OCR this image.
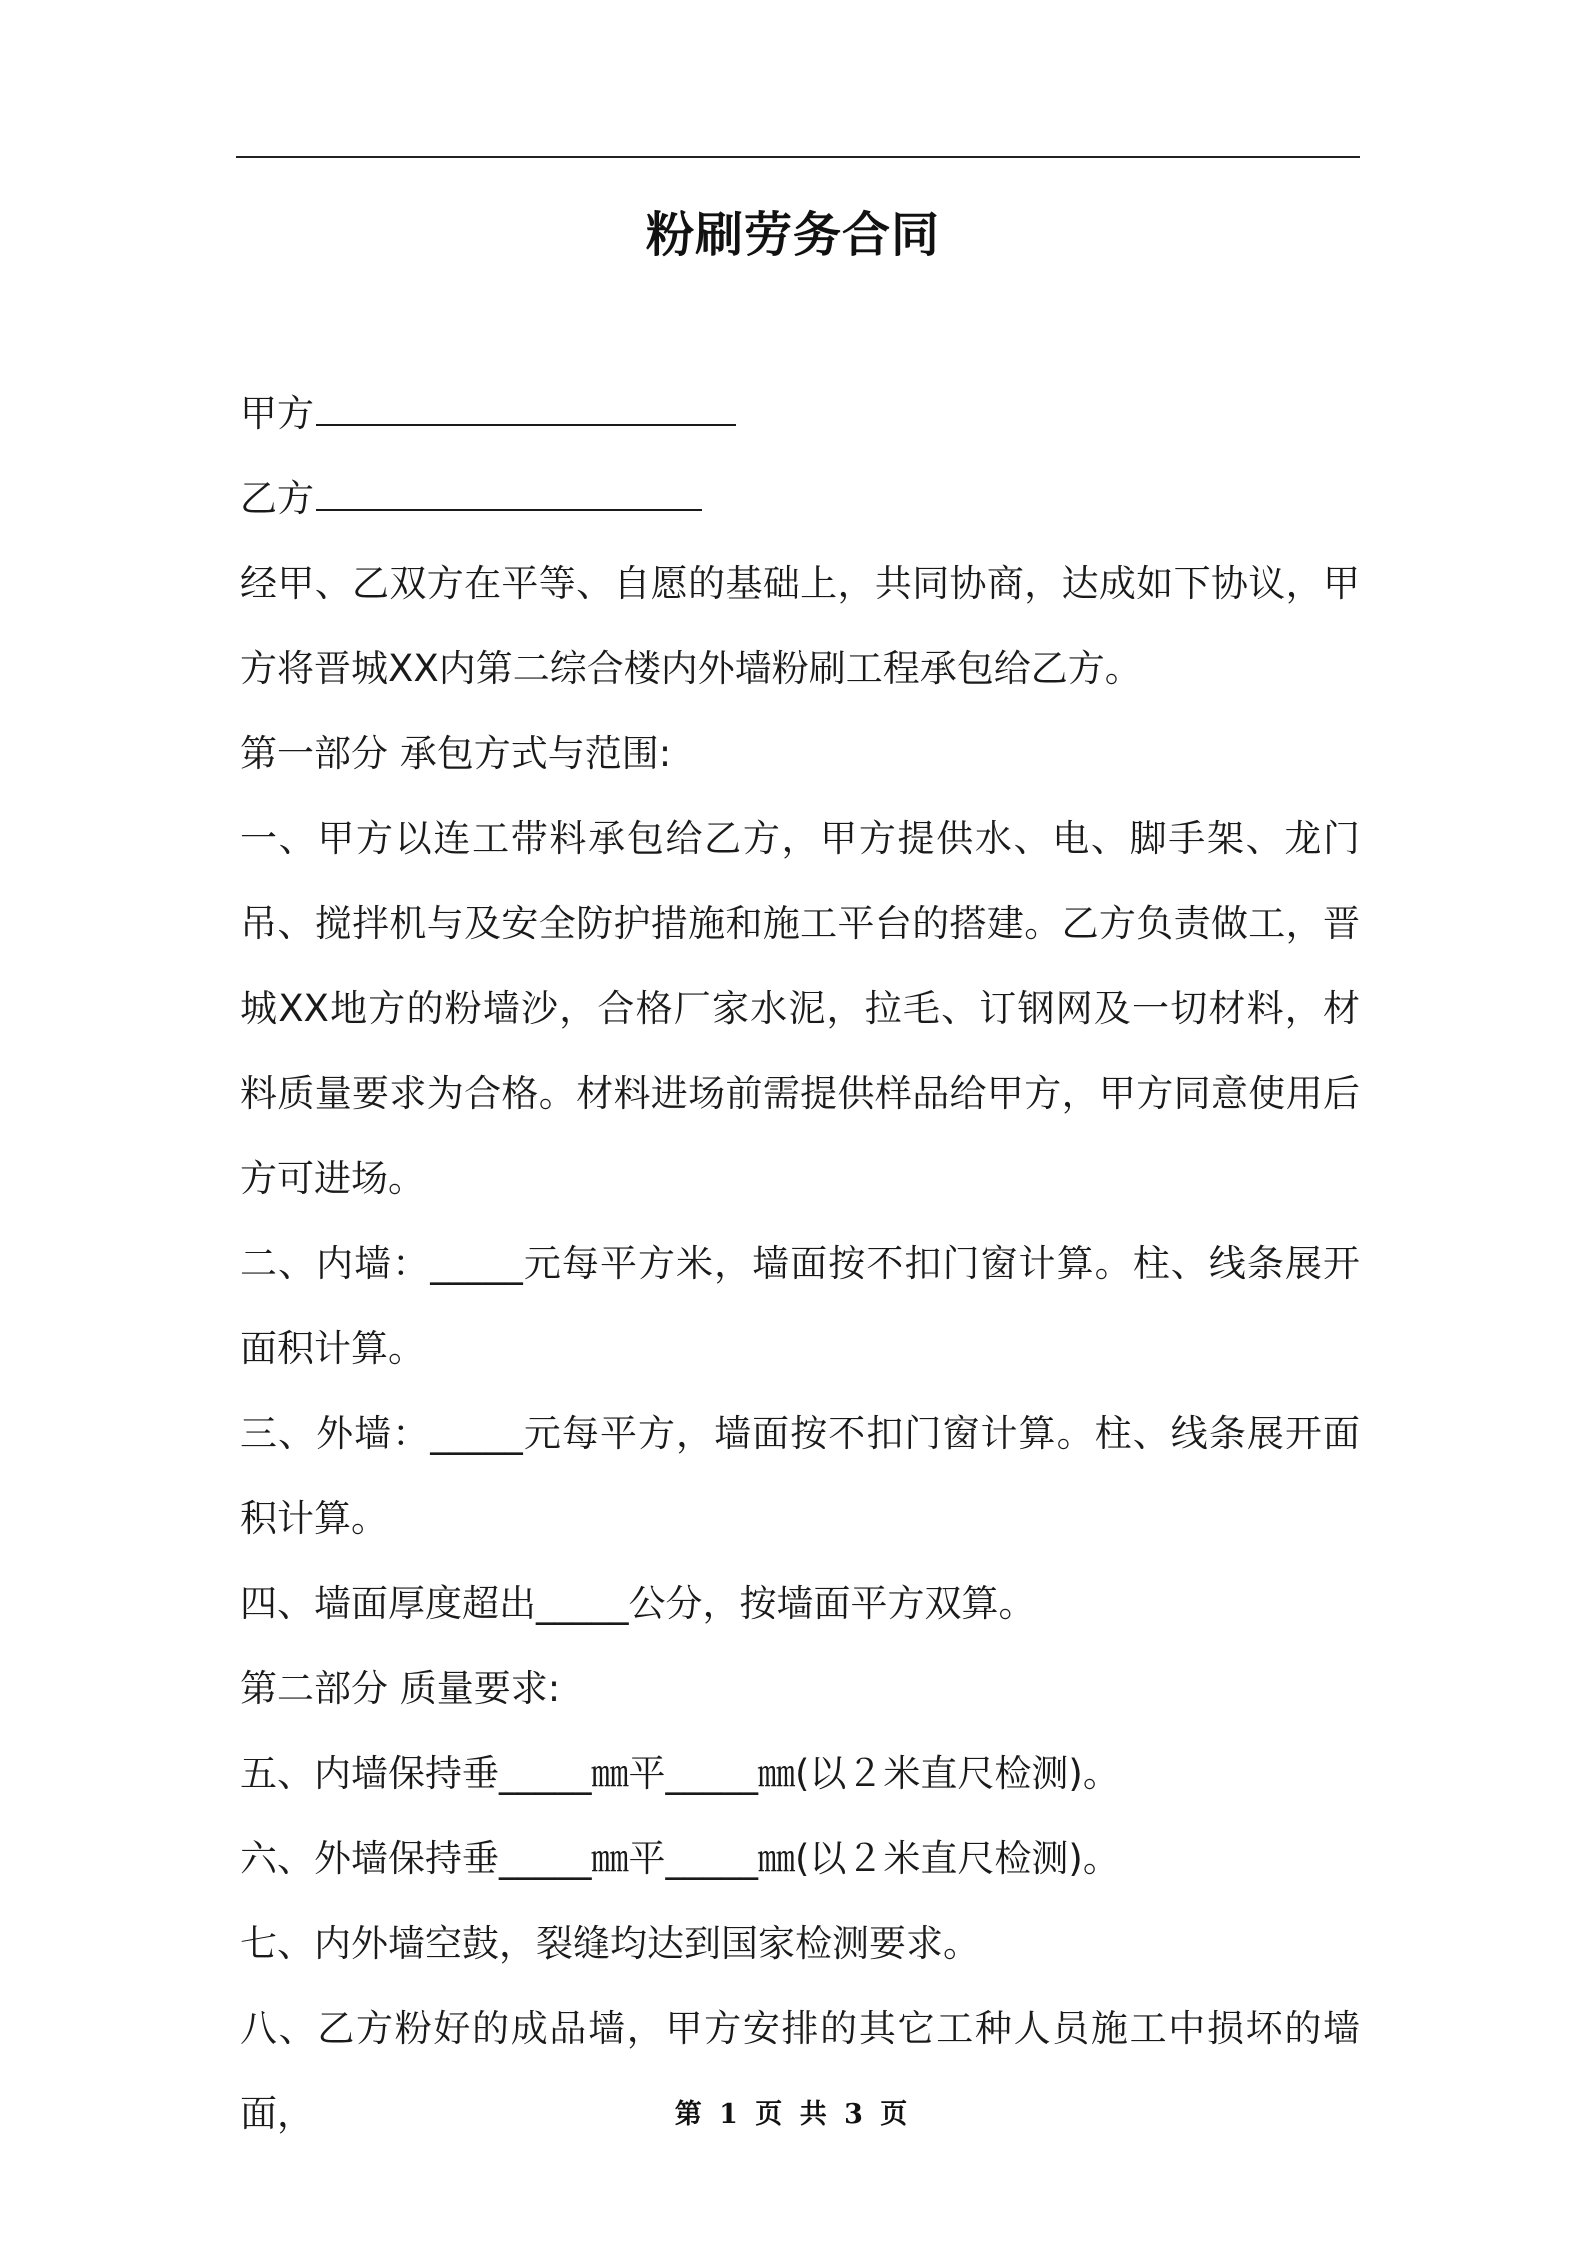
粉刷劳务合同
甲方
乙方

经甲、乙双方在平等、自愿的基础上，共同协商，达成如下协议，甲方将晋城XX内第二综合楼内外墙粉刷工程承包给乙方。

第一部分 承包方式与范围:

一、甲方以连工带料承包给乙方，甲方提供水、电、脚手架、龙门吊、搅拌机与及安全防护措施和施工平台的搭建。乙方负责做工，晋城XX地方的粉墙沙，合格厂家水泥，拉毛、订钢网及一切材料，材料质量要求为合格。材料进场前需提供样品给甲方，甲方同意使用后方可进场。

二、内墙：_____元每平方米，墙面按不扣门窗计算。柱、线条展开面积计算。

三、外墙：_____元每平方，墙面按不扣门窗计算。柱、线条展开面积计算。

四、墙面厚度超出_____公分，按墙面平方双算。

第二部分 质量要求:

五、内墙保持垂_____㎜平_____㎜(以２米直尺检测)。

六、外墙保持垂_____㎜平_____㎜(以２米直尺检测)。

七、内外墙空鼓，裂缝均达到国家检测要求。

八、乙方粉好的成品墙，甲方安排的其它工种人员施工中损坏的墙面，	第 1 页 共 3 页
